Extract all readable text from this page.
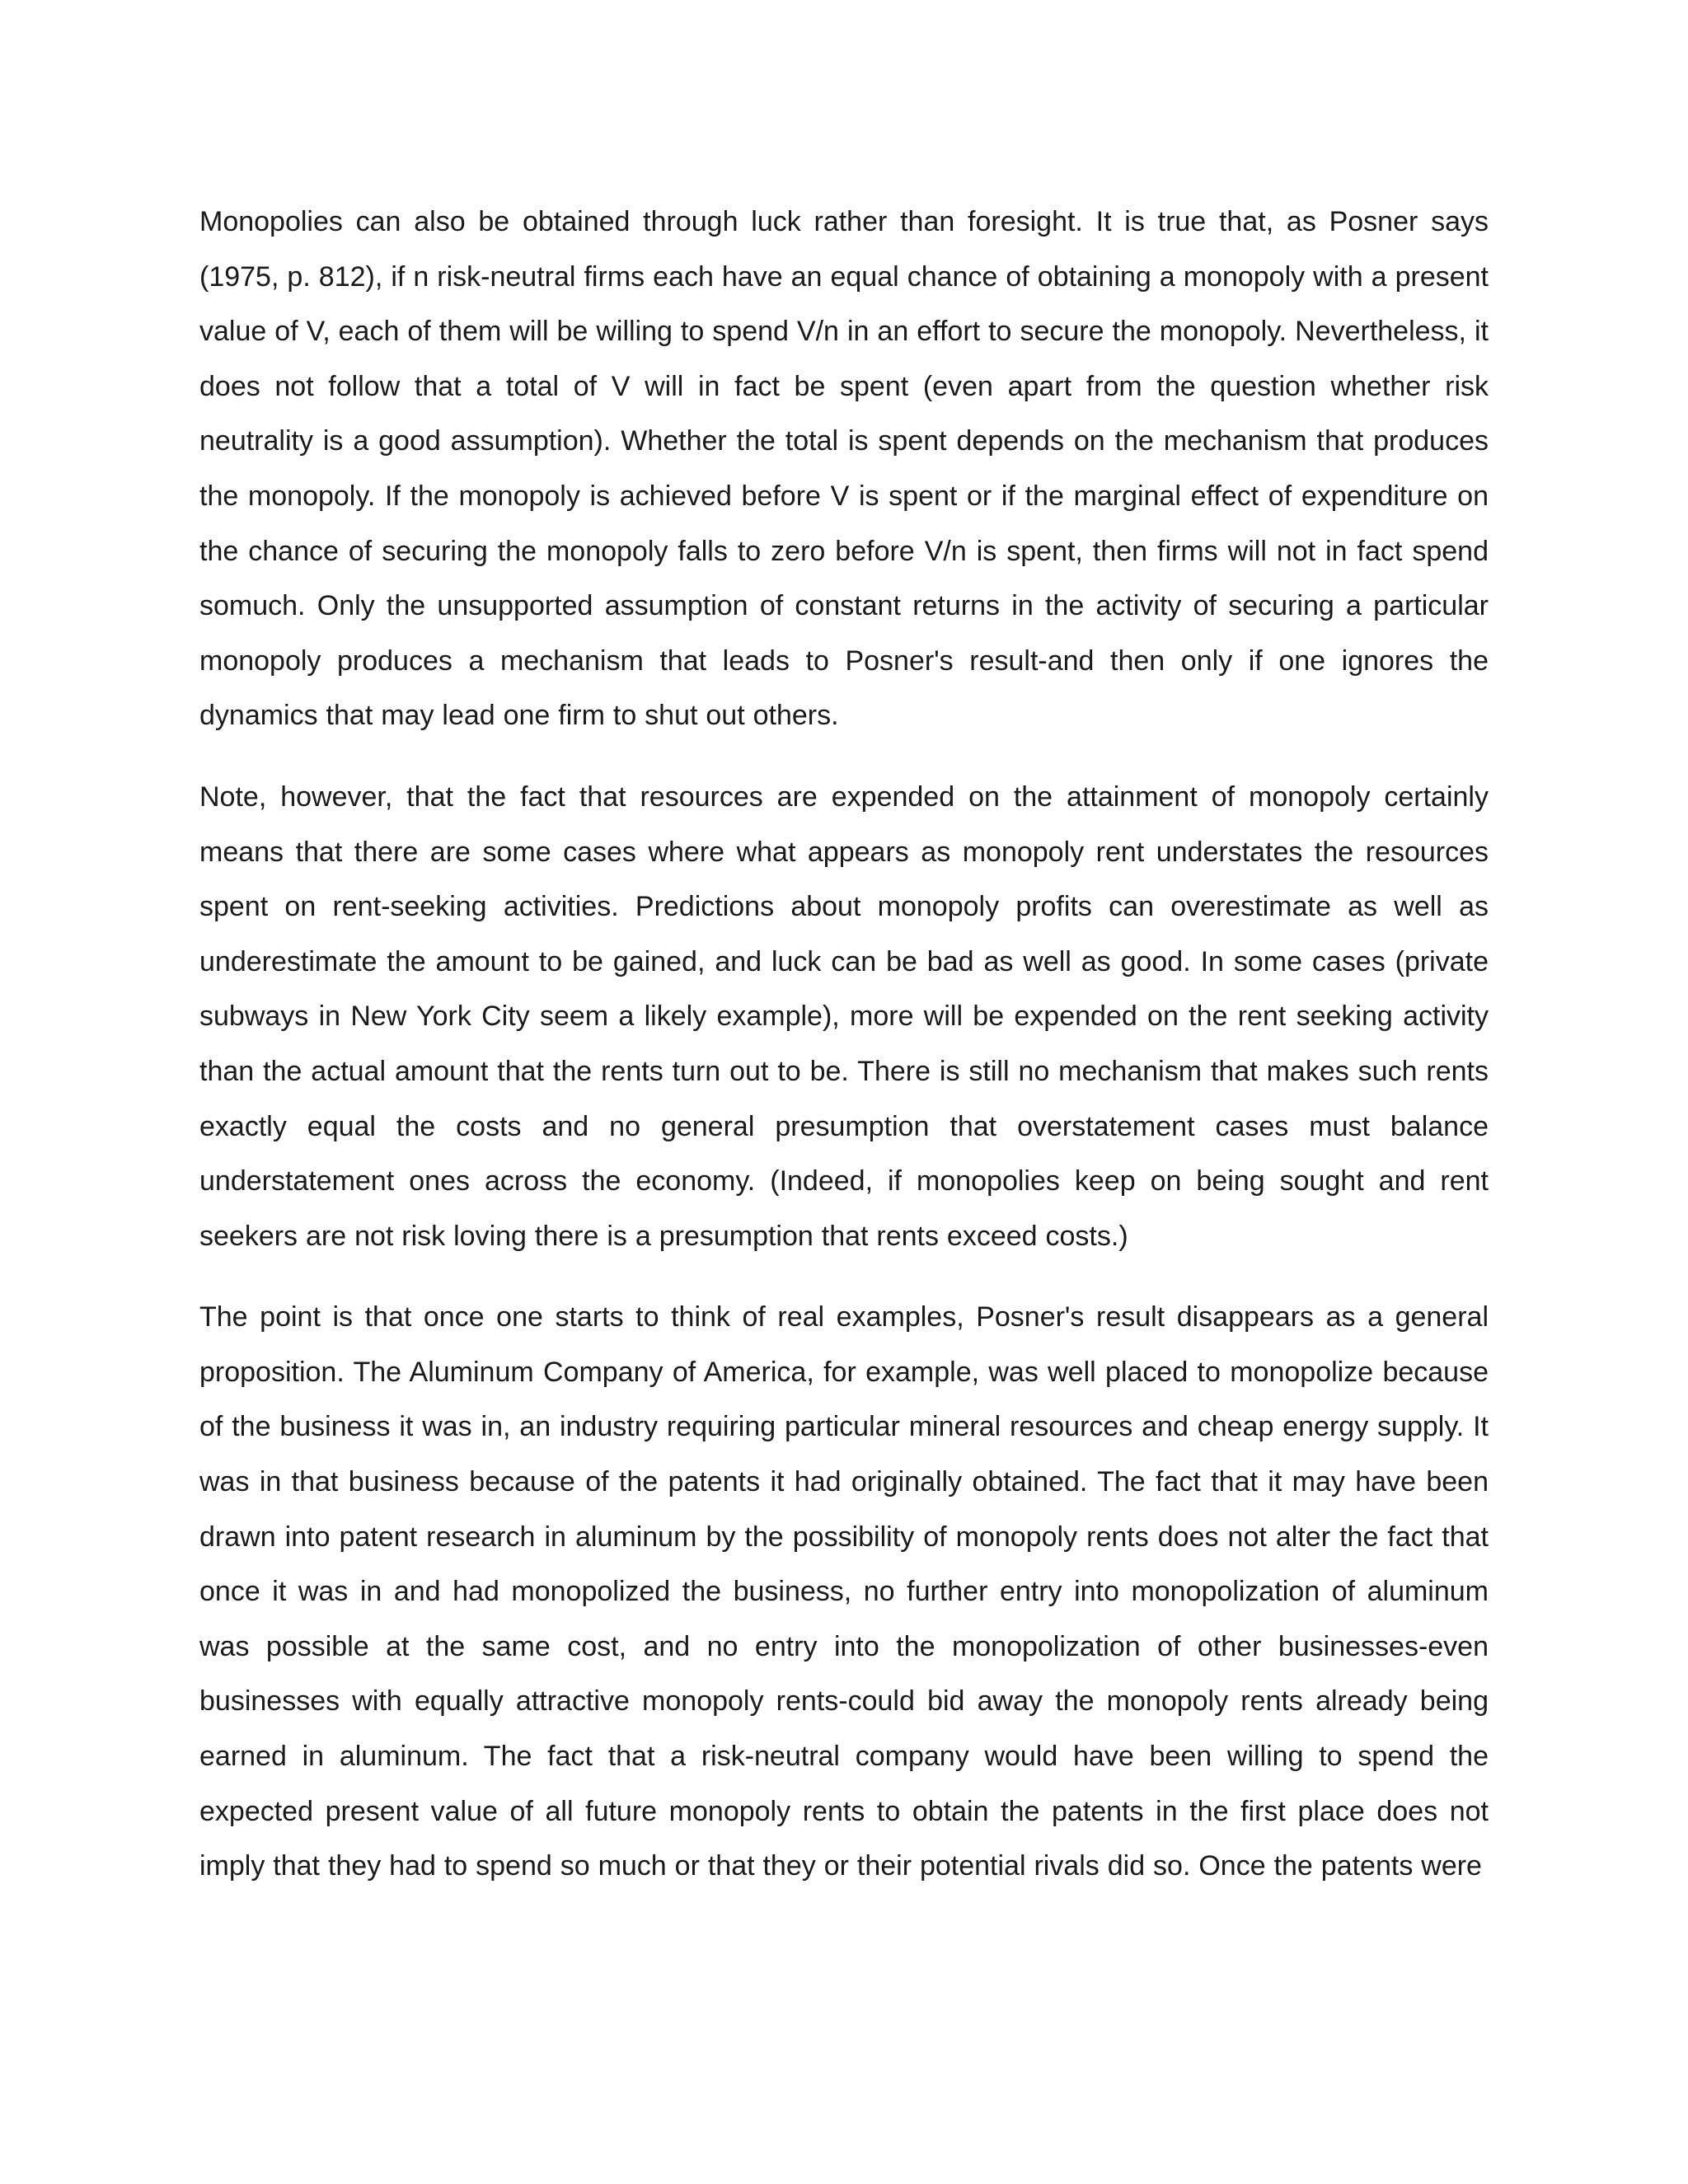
Monopolies can also be obtained through luck rather than foresight. It is true that, as Posner says (1975, p. 812), if n risk-neutral firms each have an equal chance of obtaining a monopoly with a present value of V, each of them will be willing to spend V/n in an effort to secure the monopoly. Nevertheless, it does not follow that a total of V will in fact be spent (even apart from the question whether risk neutrality is a good assumption). Whether the total is spent depends on the mechanism that produces the monopoly. If the monopoly is achieved before V is spent or if the marginal effect of expenditure on the chance of securing the monopoly falls to zero before V/n is spent, then firms will not in fact spend somuch. Only the unsupported assumption of constant returns in the activity of securing a particular monopoly produces a mechanism that leads to Posner's result-and then only if one ignores the dynamics that may lead one firm to shut out others.

Note, however, that the fact that resources are expended on the attainment of monopoly certainly means that there are some cases where what appears as monopoly rent understates the resources spent on rent-seeking activities. Predictions about monopoly profits can overestimate as well as underestimate the amount to be gained, and luck can be bad as well as good. In some cases (private subways in New York City seem a likely example), more will be expended on the rent seeking activity than the actual amount that the rents turn out to be. There is still no mechanism that makes such rents exactly equal the costs and no general presumption that overstatement cases must balance understatement ones across the economy. (Indeed, if monopolies keep on being sought and rent seekers are not risk loving there is a presumption that rents exceed costs.)

The point is that once one starts to think of real examples, Posner's result disappears as a general proposition. The Aluminum Company of America, for example, was well placed to monopolize because of the business it was in, an industry requiring particular mineral resources and cheap energy supply. It was in that business because of the patents it had originally obtained. The fact that it may have been drawn into patent research in aluminum by the possibility of monopoly rents does not alter the fact that once it was in and had monopolized the business, no further entry into monopolization of aluminum was possible at the same cost, and no entry into the monopolization of other businesses-even businesses with equally attractive monopoly rents-could bid away the monopoly rents already being earned in aluminum. The fact that a risk-neutral company would have been willing to spend the expected present value of all future monopoly rents to obtain the patents in the first place does not imply that they had to spend so much or that they or their potential rivals did so. Once the patents were
